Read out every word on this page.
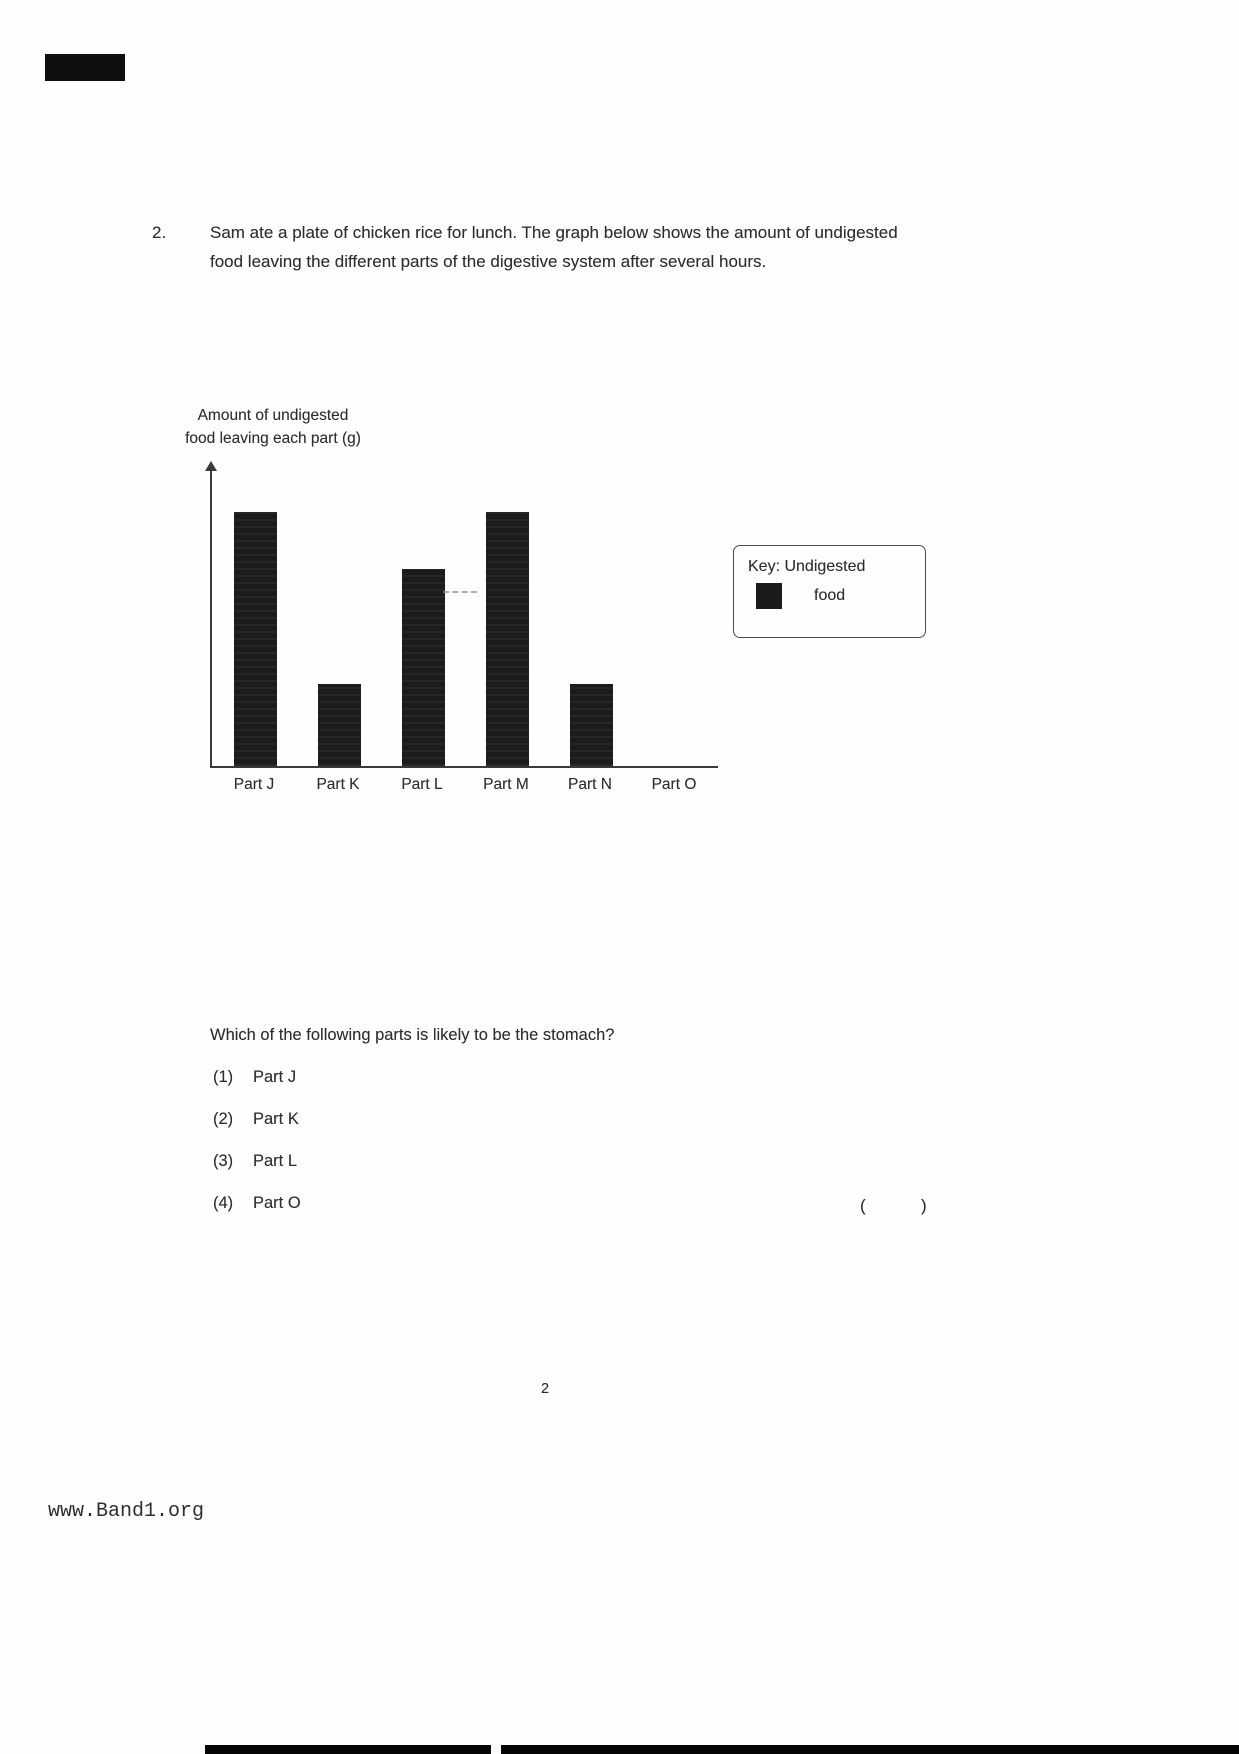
2.	Sam ate a plate of chicken rice for lunch. The graph below shows the amount of undigested food leaving the different parts of the digestive system after several hours.

Amount of undigested
food leaving each part (g)
Part J	Part K	Part L	Part M	Part N	Part O
Key: Undigested
food
Which of the following parts is likely to be the stomach?
(1)	Part J
(2)	Part K
(3)	Part L
(4)	Part O	(	)
2
www.Band1.org
